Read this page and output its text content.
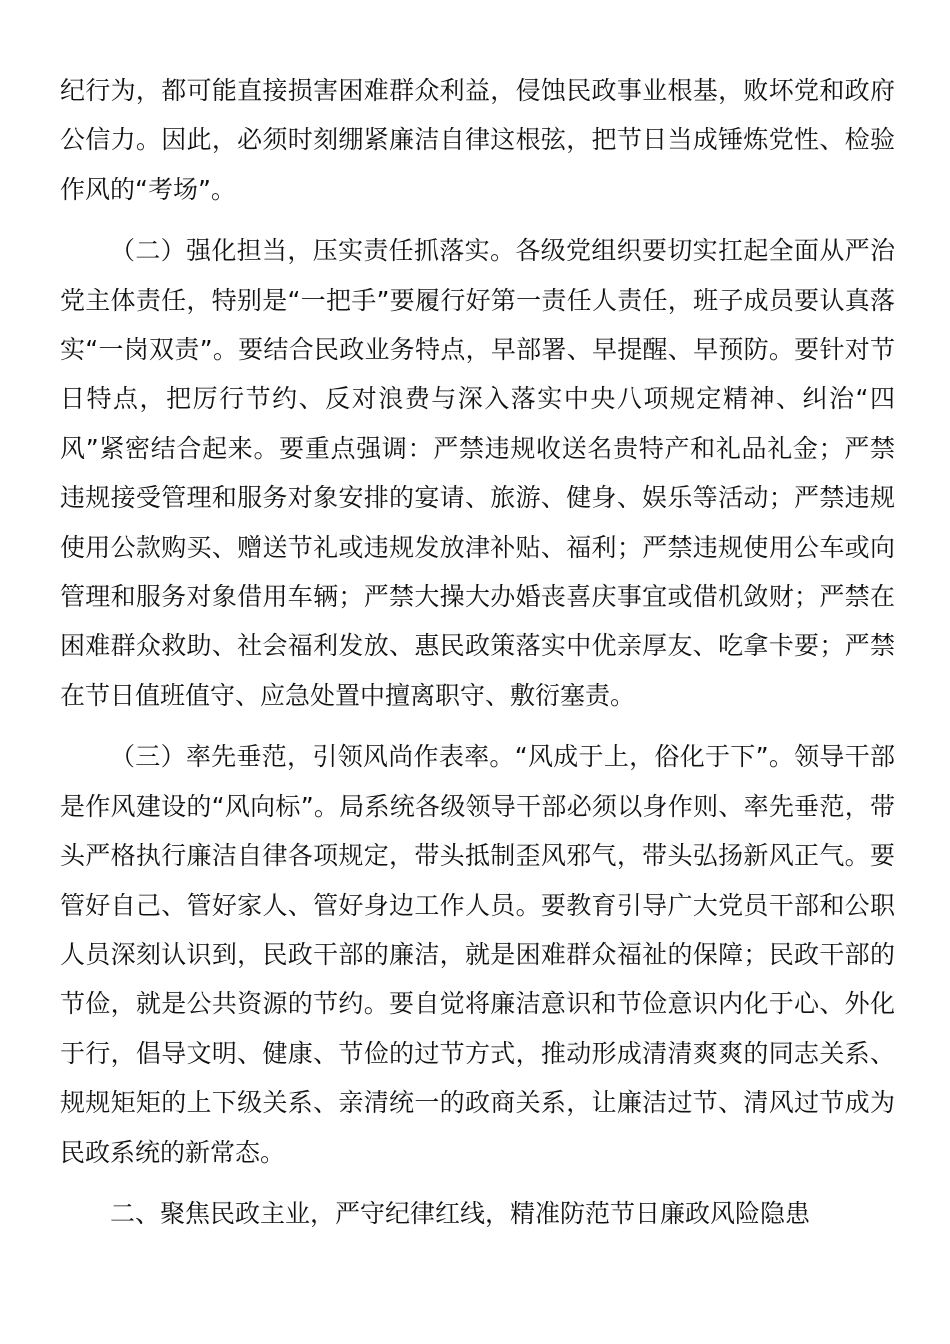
纪行为，都可能直接损害困难群众利益，侵蚀民政事业根基，败坏党和政府公信力。因此，必须时刻绷紧廉洁自律这根弦，把节日当成锤炼党性、检验作风的“考场”。

（二）强化担当，压实责任抓落实。各级党组织要切实扛起全面从严治党主体责任，特别是“一把手”要履行好第一责任人责任，班子成员要认真落实“一岗双责”。要结合民政业务特点，早部署、早提醒、早预防。要针对节日特点，把厉行节约、反对浪费与深入落实中央八项规定精神、纠治“四风”紧密结合起来。要重点强调：严禁违规收送名贵特产和礼品礼金；严禁违规接受管理和服务对象安排的宴请、旅游、健身、娱乐等活动；严禁违规使用公款购买、赠送节礼或违规发放津补贴、福利；严禁违规使用公车或向管理和服务对象借用车辆；严禁大操大办婚丧喜庆事宜或借机敛财；严禁在困难群众救助、社会福利发放、惠民政策落实中优亲厚友、吃拿卡要；严禁在节日值班值守、应急处置中擅离职守、敷衍塞责。

（三）率先垂范，引领风尚作表率。“风成于上，俗化于下”。领导干部是作风建设的“风向标”。局系统各级领导干部必须以身作则、率先垂范，带头严格执行廉洁自律各项规定，带头抵制歪风邪气，带头弘扬新风正气。要管好自己、管好家人、管好身边工作人员。要教育引导广大党员干部和公职人员深刻认识到，民政干部的廉洁，就是困难群众福祉的保障；民政干部的节俭，就是公共资源的节约。要自觉将廉洁意识和节俭意识内化于心、外化于行，倡导文明、健康、节俭的过节方式，推动形成清清爽爽的同志关系、规规矩矩的上下级关系、亲清统一的政商关系，让廉洁过节、清风过节成为民政系统的新常态。

二、聚焦民政主业，严守纪律红线，精准防范节日廉政风险隐患
